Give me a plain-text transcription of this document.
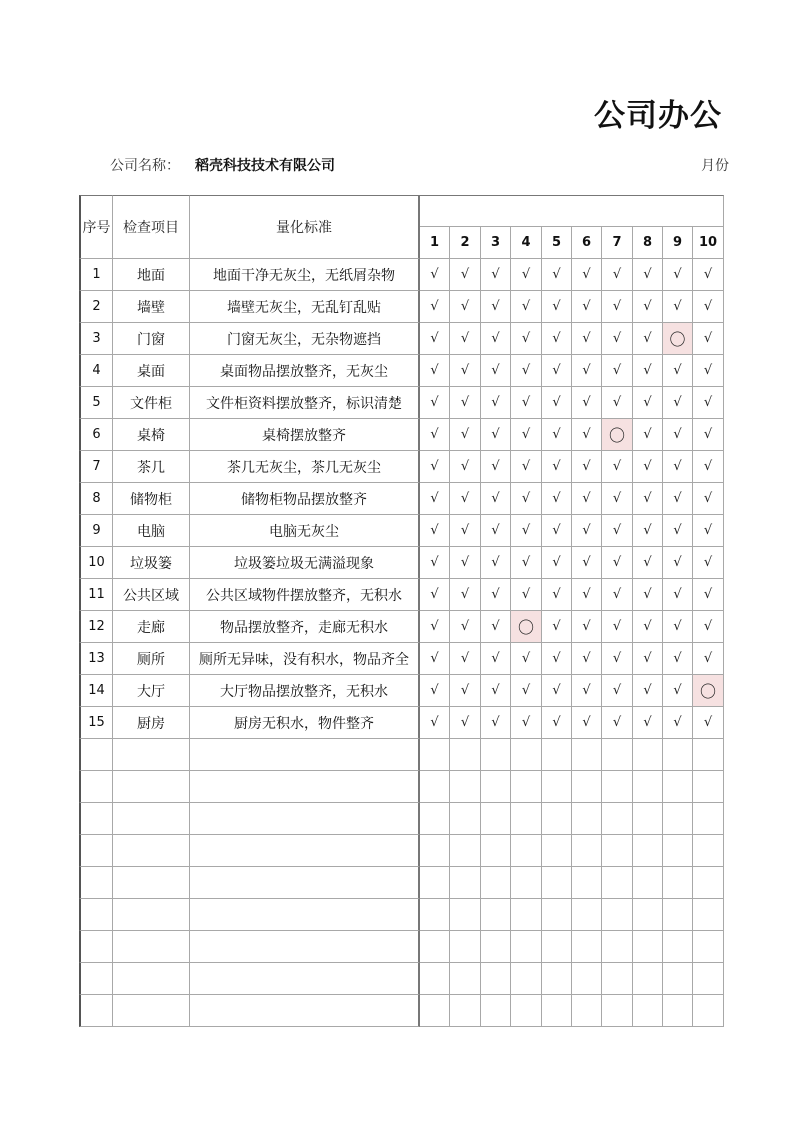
公司办公
公司名称： 稻壳科技技术有限公司	月份
序号 检查项目	量化标准
1	2	3	4	5	6	7	8	9	10
1	地面	地面干净无灰尘，无纸屑杂物	√	√	√	√	√	√	√	√	√	√
2	墙壁	墙壁无灰尘，无乱钉乱贴	√	√	√	√	√	√	√	√	√	√
3	门窗	门窗无灰尘，无杂物遮挡	√	√	√	√	√	√	√	√	〇	√
4	桌面	桌面物品摆放整齐，无灰尘	√	√	√	√	√	√	√	√	√	√
5	文件柜	文件柜资料摆放整齐，标识清楚	√	√	√	√	√	√	√	√	√	√
6	桌椅	桌椅摆放整齐	√	√	√	√	√	√	〇	√	√	√
7	茶几	茶几无灰尘，茶几无灰尘	√	√	√	√	√	√	√	√	√	√
8	储物柜	储物柜物品摆放整齐	√	√	√	√	√	√	√	√	√	√
9	电脑	电脑无灰尘	√	√	√	√	√	√	√	√	√	√
10	垃圾篓	垃圾篓垃圾无满溢现象	√	√	√	√	√	√	√	√	√	√
11	公共区域	公共区域物件摆放整齐，无积水	√	√	√	√	√	√	√	√	√	√
12	走廊	物品摆放整齐，走廊无积水	√	√	√	〇	√	√	√	√	√	√
13	厕所	厕所无异味，没有积水，物品齐全	√	√	√	√	√	√	√	√	√	√
14	大厅	大厅物品摆放整齐，无积水	√	√	√	√	√	√	√	√	√	〇
15	厨房	厨房无积水，物件整齐	√	√	√	√	√	√	√	√	√	√
